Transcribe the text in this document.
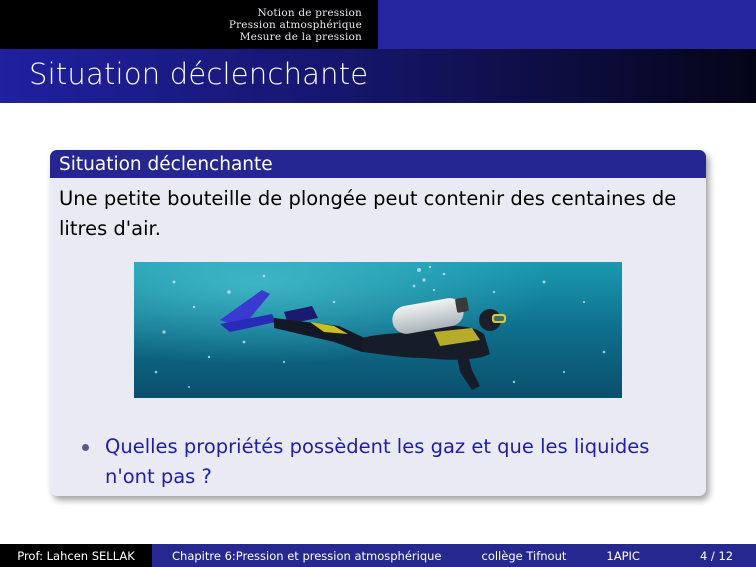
Notion de pression
Pression atmosphérique
Mesure de la pression
Situation déclenchante
Situation déclenchante
Une petite bouteille de plongée peut contenir des centaines de litres d'air.
Quelles propriétés possèdent les gaz et que les liquides n'ont pas ?
Prof: Lahcen SELLAK	Chapitre 6:Pression et pression atmosphérique	collège Tifnout	1APIC	4 / 12
